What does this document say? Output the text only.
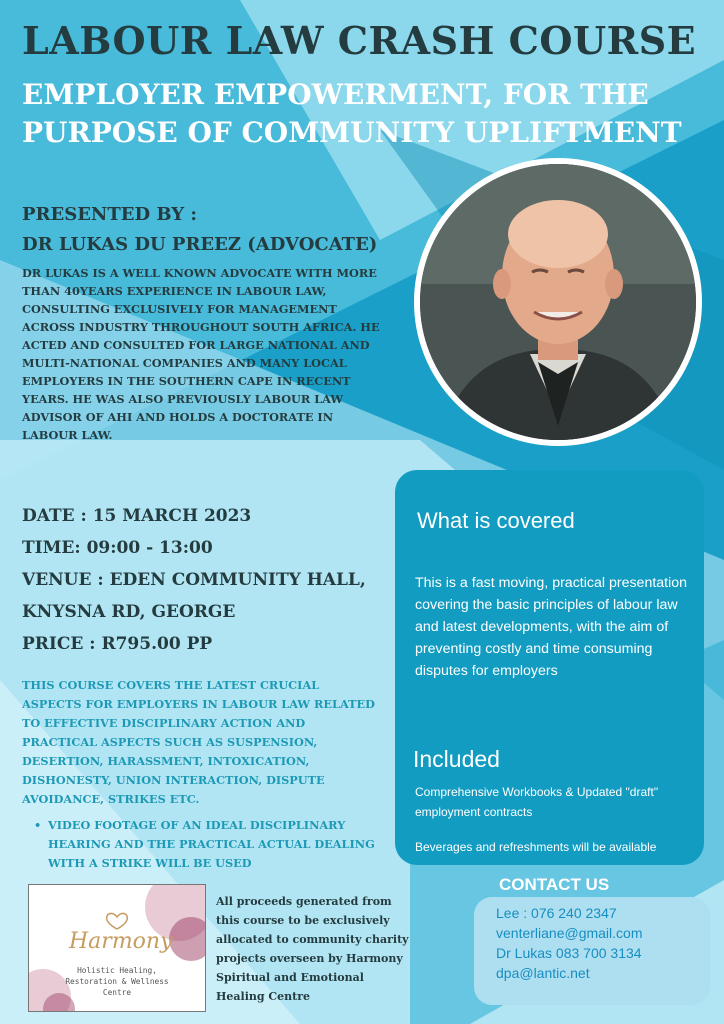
LABOUR LAW CRASH COURSE
EMPLOYER EMPOWERMENT, FOR THE PURPOSE OF COMMUNITY UPLIFTMENT
PRESENTED BY :
DR LUKAS DU PREEZ (ADVOCATE)
DR LUKAS IS A WELL KNOWN ADVOCATE WITH MORE THAN 40YEARS EXPERIENCE IN LABOUR LAW, CONSULTING EXCLUSIVELY FOR MANAGEMENT ACROSS INDUSTRY THROUGHOUT SOUTH AFRICA. HE ACTED AND CONSULTED FOR LARGE NATIONAL AND MULTI-NATIONAL COMPANIES AND MANY LOCAL EMPLOYERS IN THE SOUTHERN CAPE IN RECENT YEARS. HE WAS ALSO PREVIOUSLY LABOUR LAW ADVISOR OF AHI AND HOLDS A DOCTORATE IN LABOUR LAW.
DATE : 15 MARCH 2023
TIME: 09:00 - 13:00
VENUE : EDEN COMMUNITY HALL,
KNYSNA RD, GEORGE
PRICE : R795.00 PP
THIS COURSE COVERS THE LATEST CRUCIAL ASPECTS FOR EMPLOYERS IN LABOUR LAW RELATED TO EFFECTIVE DISCIPLINARY ACTION AND PRACTICAL ASPECTS SUCH AS SUSPENSION, DESERTION, HARASSMENT, INTOXICATION, DISHONESTY, UNION INTERACTION, DISPUTE AVOIDANCE, STRIKES ETC.
• VIDEO FOOTAGE OF AN IDEAL DISCIPLINARY HEARING AND THE PRACTICAL ACTUAL DEALING WITH A STRIKE WILL BE USED
What is covered
This is a fast moving, practical presentation covering the basic principles of labour law and latest developments, with the aim of preventing costly and time consuming disputes for employers
Included
Comprehensive Workbooks & Updated "draft" employment contracts
Beverages and refreshments will be available
Harmony
Holistic Healing, Restoration & Wellness Centre
All proceeds generated from this course to be exclusively allocated to community charity projects overseen by Harmony Spiritual and Emotional Healing Centre
CONTACT US
Lee : 076 240 2347
venterliane@gmail.com
Dr Lukas 083 700 3134
dpa@lantic.net
